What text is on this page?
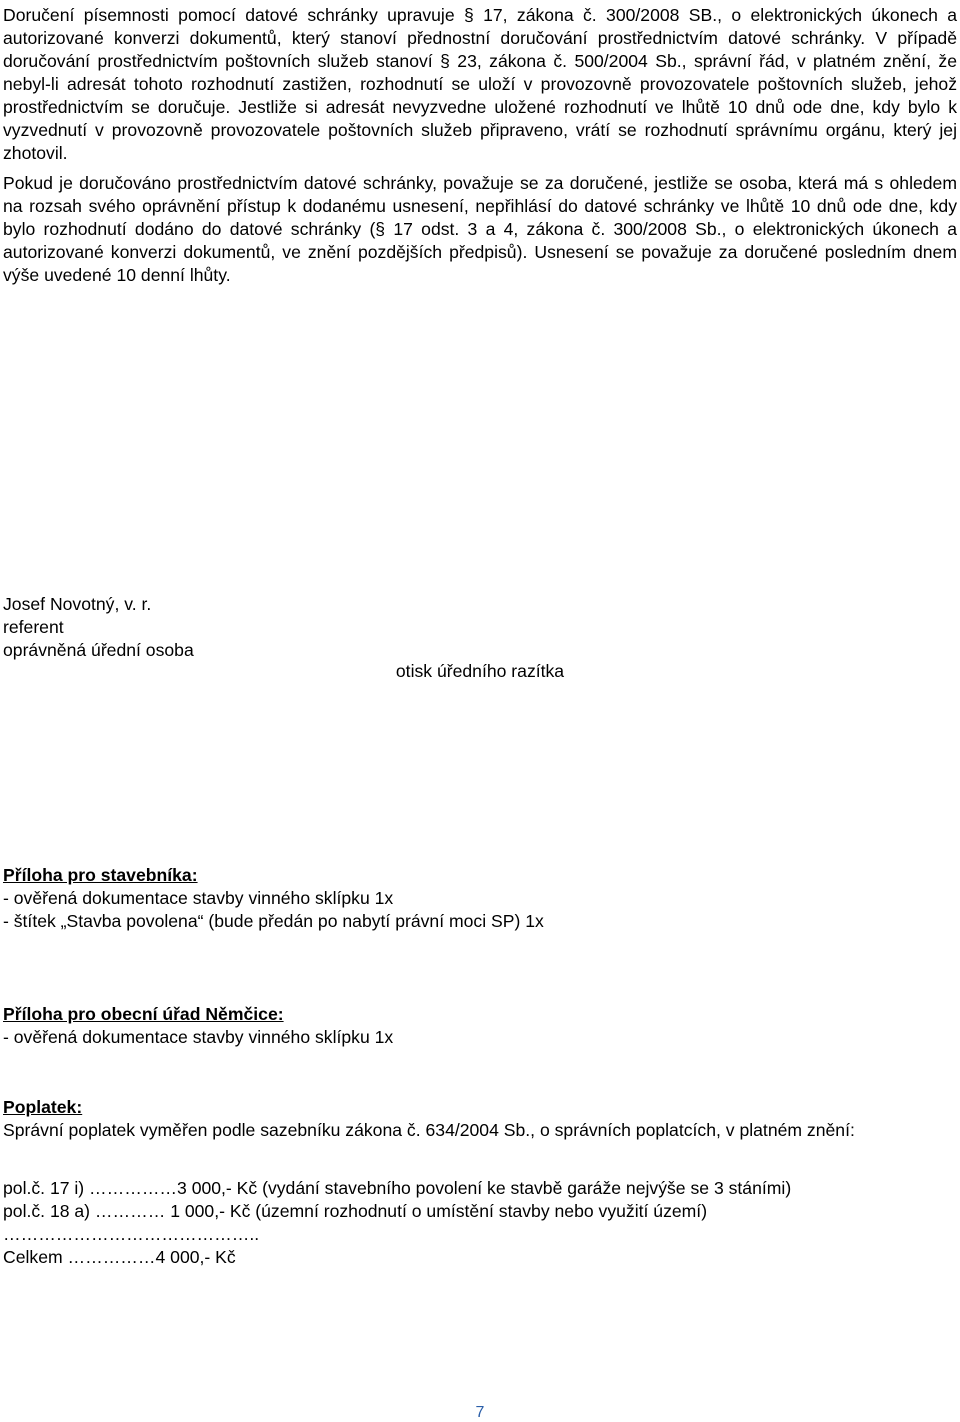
Doručení písemnosti pomocí datové schránky upravuje § 17, zákona č. 300/2008 SB., o elektronických úkonech a autorizované konverzi dokumentů, který stanoví přednostní doručování prostřednictvím datové schránky. V případě doručování prostřednictvím poštovních služeb stanoví § 23, zákona č. 500/2004 Sb., správní řád, v platném znění, že nebyl-li adresát tohoto rozhodnutí zastižen, rozhodnutí se uloží v provozovně provozovatele poštovních služeb, jehož prostřednictvím se doručuje. Jestliže si adresát nevyzvedne uložené rozhodnutí ve lhůtě 10 dnů ode dne, kdy bylo k vyzvednutí v provozovně provozovatele poštovních služeb připraveno, vrátí se rozhodnutí správnímu orgánu, který jej zhotovil.

Pokud je doručováno prostřednictvím datové schránky, považuje se za doručené, jestliže se osoba, která má s ohledem na rozsah svého oprávnění přístup k dodanému usnesení, nepřihlásí do datové schránky ve lhůtě 10 dnů ode dne, kdy bylo rozhodnutí dodáno do datové schránky (§ 17 odst. 3 a 4, zákona č. 300/2008 Sb., o elektronických úkonech a autorizované konverzi dokumentů, ve znění pozdějších předpisů). Usnesení se považuje za doručené posledním dnem výše uvedené 10 denní lhůty.

otisk úředního razítka

Josef Novotný, v. r.
referent
oprávněná úřední osoba
Příloha pro stavebníka:
- ověřená dokumentace stavby vinného sklípku 1x
- štítek „Stavba povolena“ (bude předán po nabytí právní moci SP) 1x
Příloha pro obecní úřad Němčice:
- ověřená dokumentace stavby vinného sklípku 1x
Poplatek:
Správní poplatek vyměřen podle sazebníku zákona č. 634/2004 Sb., o správních poplatcích, v platném znění:
pol.č. 17 i) ……………3 000,- Kč (vydání stavebního povolení ke stavbě garáže nejvýše se 3 stáními)
pol.č. 18 a) ………… 1 000,- Kč (územní rozhodnutí o umístění stavby nebo využití území)
……………………………………..
Celkem ……………4 000,- Kč

7
